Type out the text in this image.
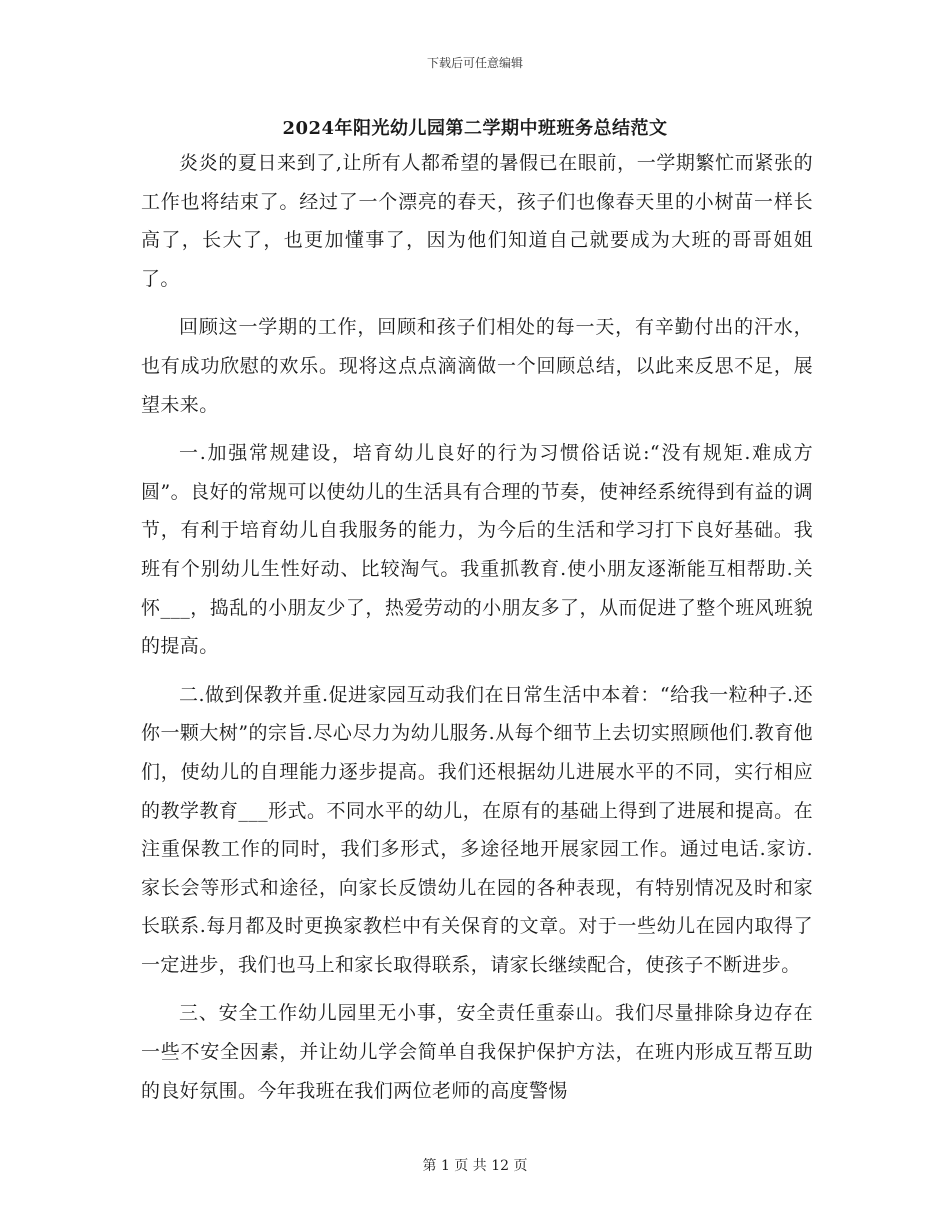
下载后可任意编辑
2024年阳光幼儿园第二学期中班班务总结范文

炎炎的夏日来到了,让所有人都希望的暑假已在眼前，一学期繁忙而紧张的工作也将结束了。经过了一个漂亮的春天，孩子们也像春天里的小树苗一样长高了，长大了，也更加懂事了，因为他们知道自己就要成为大班的哥哥姐姐了。

回顾这一学期的工作，回顾和孩子们相处的每一天，有辛勤付出的汗水，也有成功欣慰的欢乐。现将这点点滴滴做一个回顾总结，以此来反思不足，展望未来。

一.加强常规建设，培育幼儿良好的行为习惯俗话说:“没有规矩.难成方圆”。良好的常规可以使幼儿的生活具有合理的节奏，使神经系统得到有益的调节，有利于培育幼儿自我服务的能力，为今后的生活和学习打下良好基础。我班有个别幼儿生性好动、比较淘气。我重抓教育.使小朋友逐渐能互相帮助.关怀___，捣乱的小朋友少了，热爱劳动的小朋友多了，从而促进了整个班风班貌的提高。

二.做到保教并重.促进家园互动我们在日常生活中本着：“给我一粒种子.还你一颗大树”的宗旨.尽心尽力为幼儿服务.从每个细节上去切实照顾他们.教育他们，使幼儿的自理能力逐步提高。我们还根据幼儿进展水平的不同，实行相应的教学教育___形式。不同水平的幼儿，在原有的基础上得到了进展和提高。在注重保教工作的同时，我们多形式，多途径地开展家园工作。通过电话.家访.家长会等形式和途径，向家长反馈幼儿在园的各种表现，有特别情况及时和家长联系.每月都及时更换家教栏中有关保育的文章。对于一些幼儿在园内取得了一定进步，我们也马上和家长取得联系，请家长继续配合，使孩子不断进步。

三、安全工作幼儿园里无小事，安全责任重泰山。我们尽量排除身边存在一些不安全因素，并让幼儿学会简单自我保护保护方法，在班内形成互帮互助的良好氛围。今年我班在我们两位老师的高度警惕

第 1 页 共 12 页
